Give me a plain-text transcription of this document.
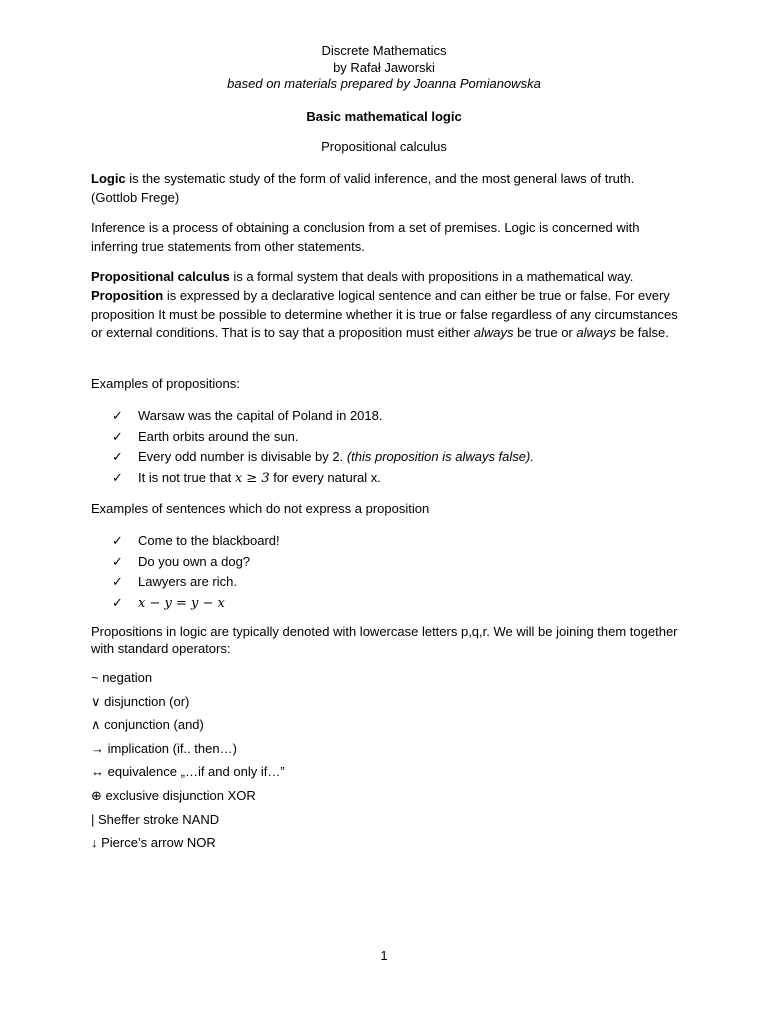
Discrete Mathematics
by Rafał Jaworski
based on materials prepared by Joanna Pomianowska
Basic mathematical logic
Propositional calculus

Logic is the systematic study of the form of valid inference, and the most general laws of truth. (Gottlob Frege)

Inference is a process of obtaining a conclusion from a set of premises. Logic is concerned with inferring true statements from other statements.

Propositional calculus is a formal system that deals with propositions in a mathematical way. Proposition is expressed by a declarative logical sentence and can either be true or false. For every proposition It must be possible to determine whether it is true or false regardless of any circumstances or external conditions. That is to say that a proposition must either always be true or always be false.

Examples of propositions:

✓ Warsaw was the capital of Poland in 2018.
✓ Earth orbits around the sun.
✓ Every odd number is divisable by 2. (this proposition is always false).
✓ It is not true that x ≥ 3 for every natural x.

Examples of sentences which do not express a proposition

✓ Come to the blackboard!
✓ Do you own a dog?
✓ Lawyers are rich.
✓ x − y = y − x

Propositions in logic are typically denoted with lowercase letters p,q,r. We will be joining them together with standard operators:

~ negation
∨ disjunction (or)
∧ conjunction (and)
→ implication (if.. then…)
↔ equivalence „…if and only if…”
⊕ exclusive disjunction XOR
| Sheffer stroke NAND
↓ Pierce’s arrow NOR
1
